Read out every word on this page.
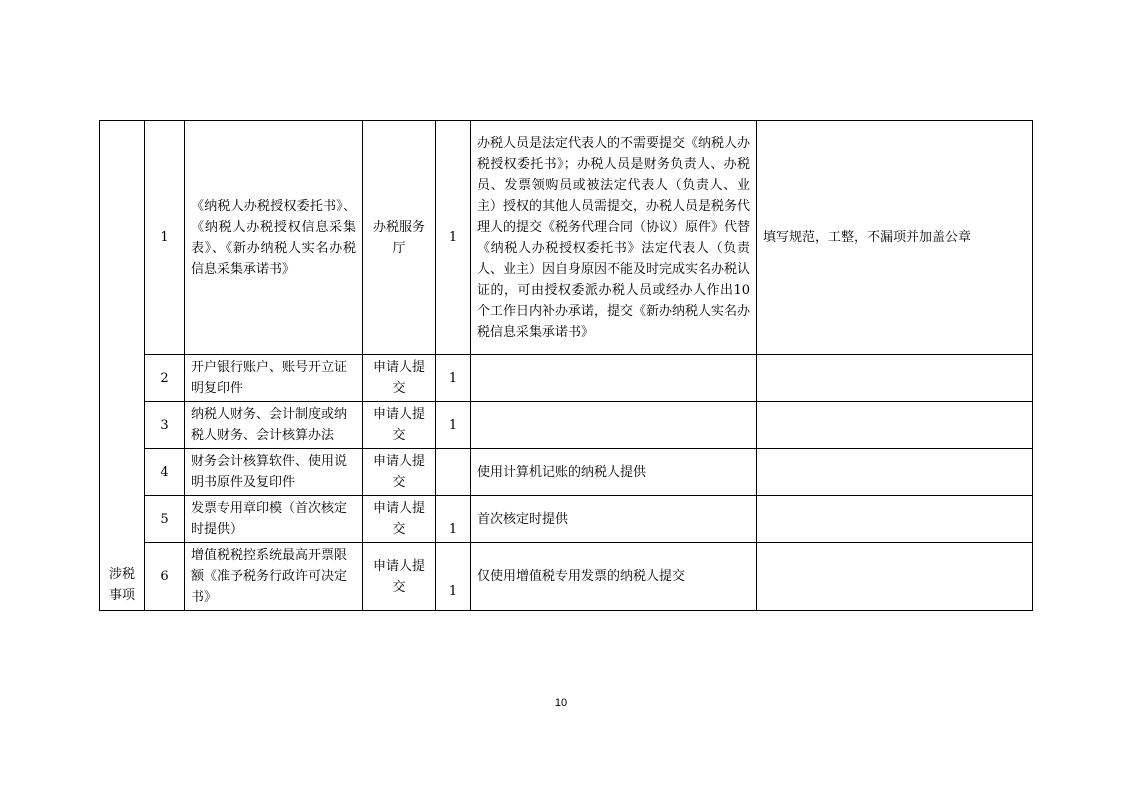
涉税事项	1	《纳税人办税授权委托书》、《纳税人办税授权信息采集表》、《新办纳税人实名办税信息采集承诺书》	办税服务厅	1	办税人员是法定代表人的不需要提交《纳税人办税授权委托书》；办税人员是财务负责人、办税员、发票领购员或被法定代表人（负责人、业主）授权的其他人员需提交，办税人员是税务代理人的提交《税务代理合同（协议）原件》代替《纳税人办税授权委托书》法定代表人（负责人、业主）因自身原因不能及时完成实名办税认证的，可由授权委派办税人员或经办人作出10个工作日内补办承诺，提交《新办纳税人实名办税信息采集承诺书》	填写规范，工整，不漏项并加盖公章
	2	开户银行账户、账号开立证明复印件	申请人提交	1		
	3	纳税人财务、会计制度或纳税人财务、会计核算办法	申请人提交	1		
	4	财务会计核算软件、使用说明书原件及复印件	申请人提交		使用计算机记账的纳税人提供	
	5	发票专用章印模（首次核定时提供）	申请人提交	1	首次核定时提供	
	6	增值税税控系统最高开票限额《准予税务行政许可决定书》	申请人提交	1	仅使用增值税专用发票的纳税人提交	
10
